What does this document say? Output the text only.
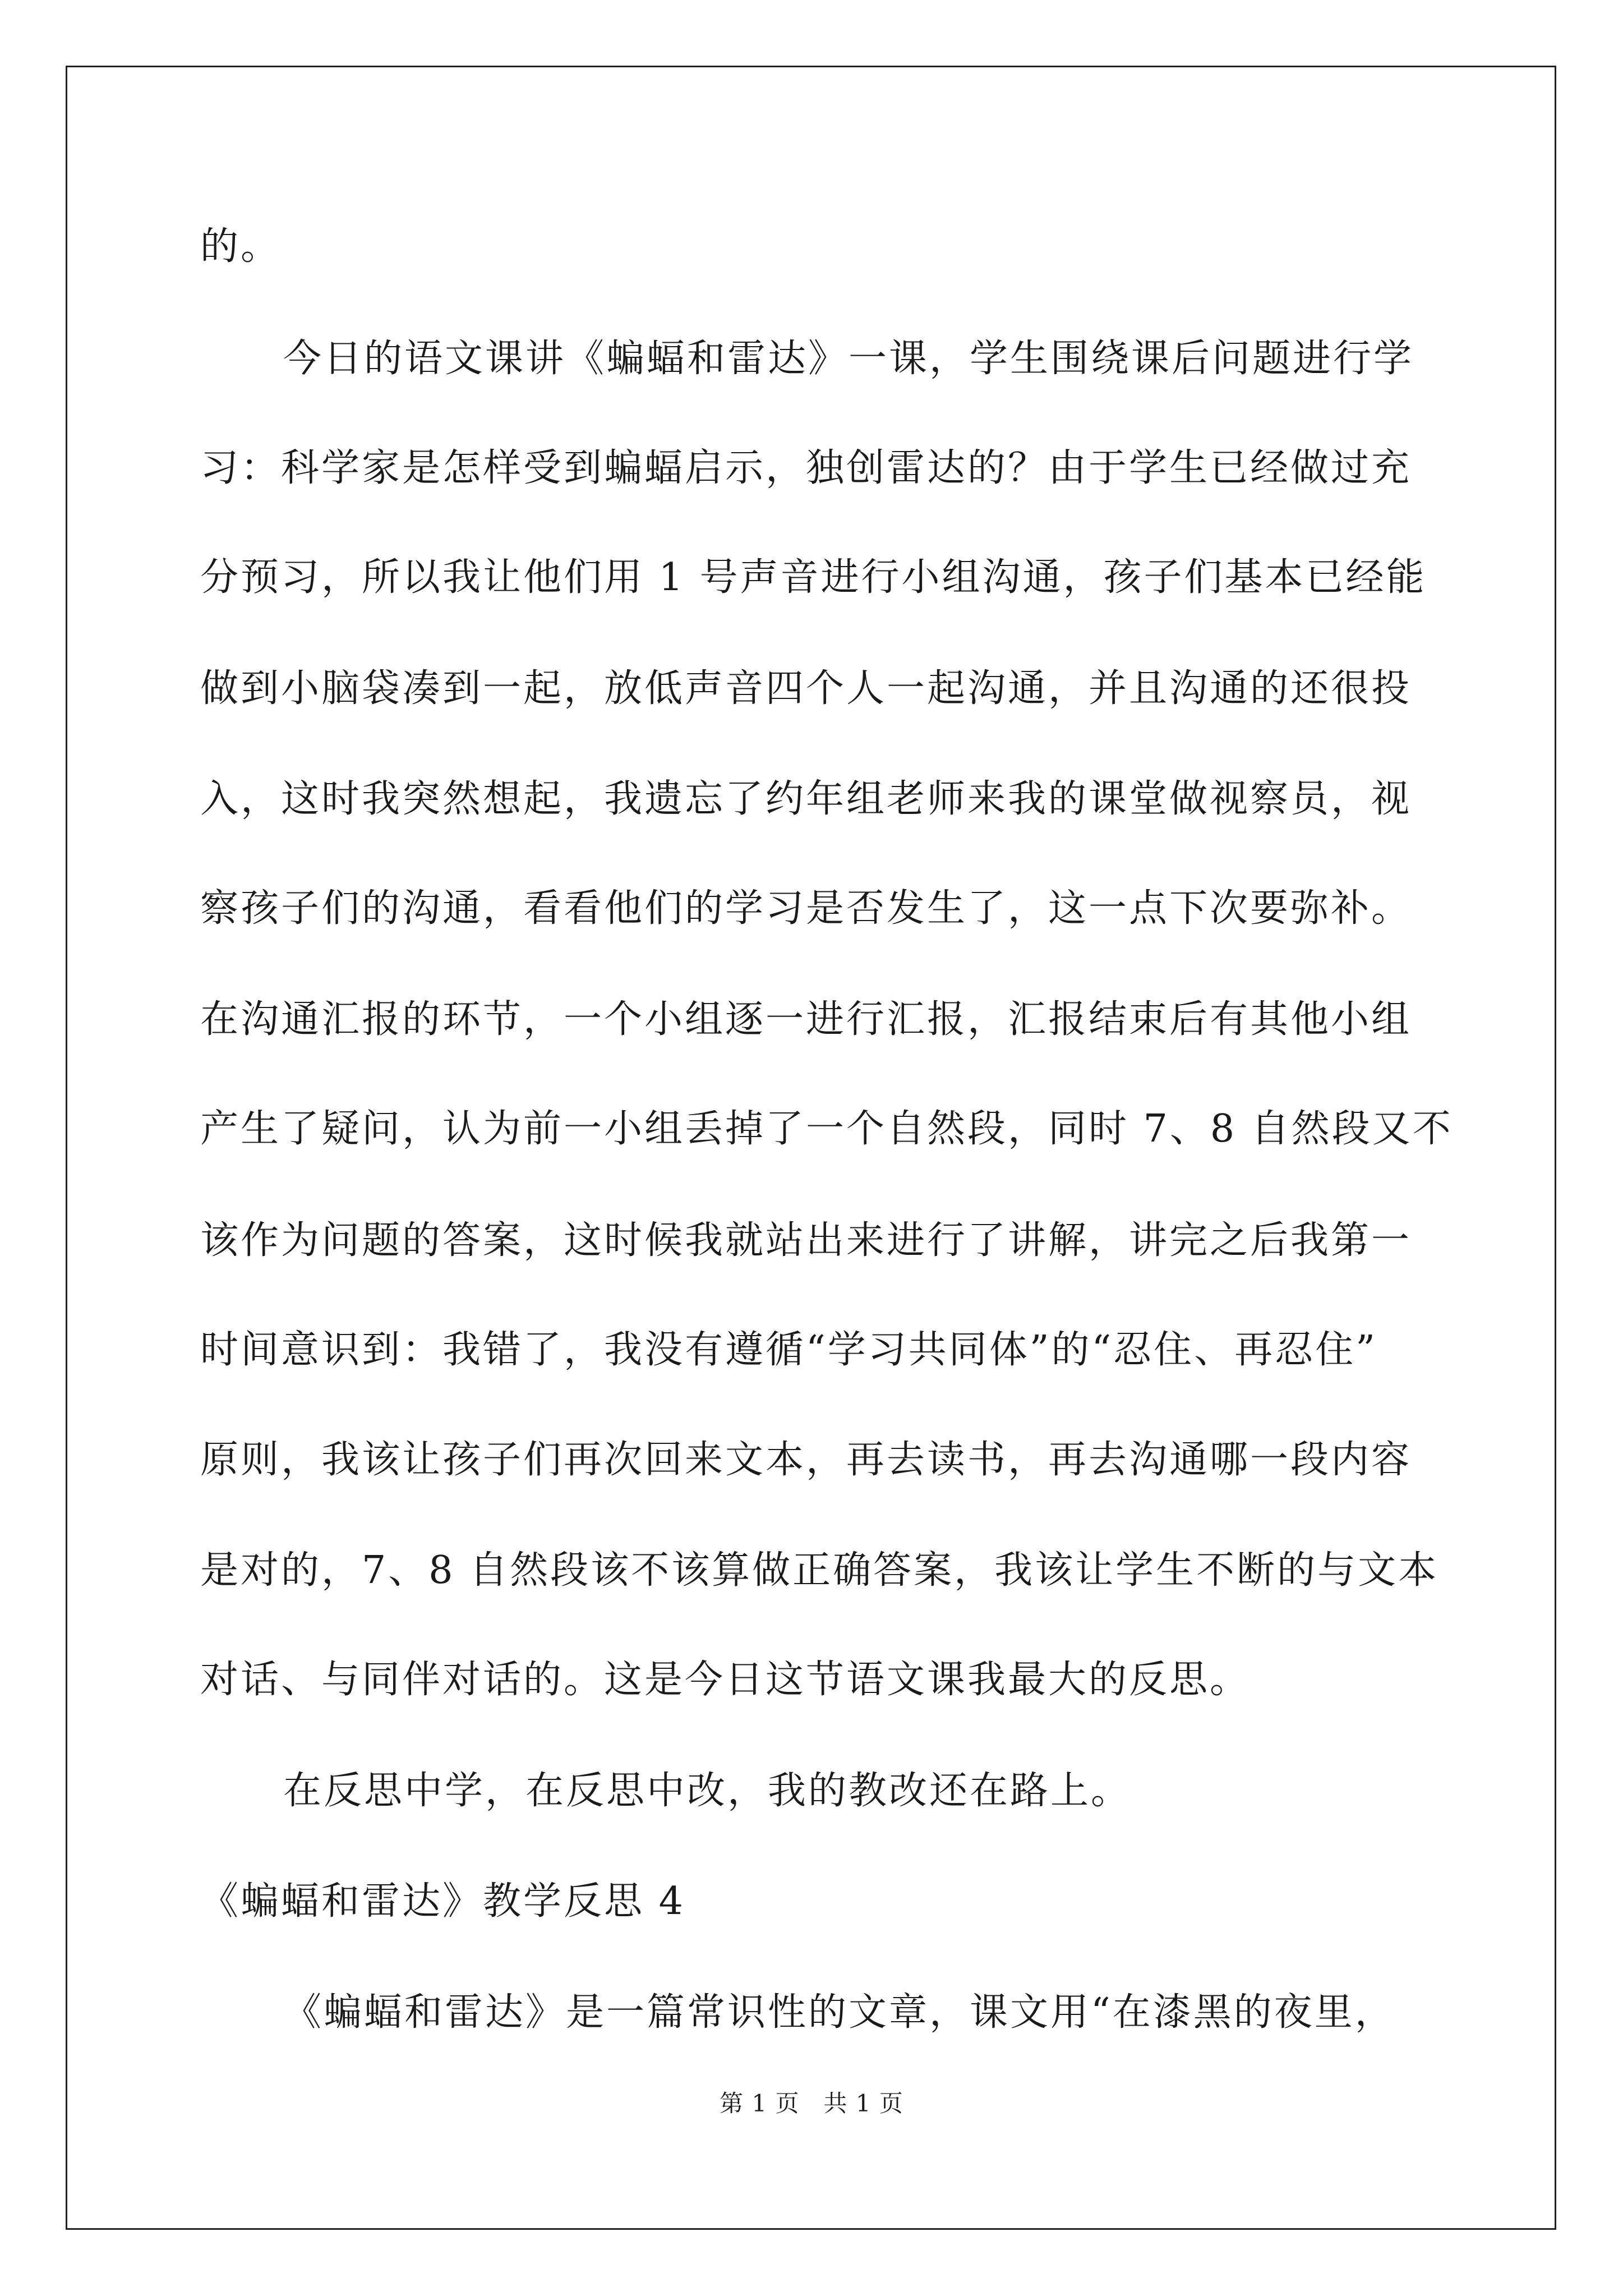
的。

今日的语文课讲《蝙蝠和雷达》一课，学生围绕课后问题进行学

习：科学家是怎样受到蝙蝠启示，独创雷达的？由于学生已经做过充

分预习，所以我让他们用 1 号声音进行小组沟通，孩子们基本已经能

做到小脑袋凑到一起，放低声音四个人一起沟通，并且沟通的还很投

入，这时我突然想起，我遗忘了约年组老师来我的课堂做视察员，视

察孩子们的沟通，看看他们的学习是否发生了，这一点下次要弥补。

在沟通汇报的环节，一个小组逐一进行汇报，汇报结束后有其他小组

产生了疑问，认为前一小组丢掉了一个自然段，同时 7、8 自然段又不

该作为问题的答案，这时候我就站出来进行了讲解，讲完之后我第一

时间意识到：我错了，我没有遵循“学习共同体”的“忍住、再忍住”

原则，我该让孩子们再次回来文本，再去读书，再去沟通哪一段内容

是对的，7、8 自然段该不该算做正确答案，我该让学生不断的与文本

对话、与同伴对话的。这是今日这节语文课我最大的反思。

在反思中学，在反思中改，我的教改还在路上。

《蝙蝠和雷达》教学反思 4

《蝙蝠和雷达》是一篇常识性的文章，课文用“在漆黑的夜里，

第 1 页　共 1 页
